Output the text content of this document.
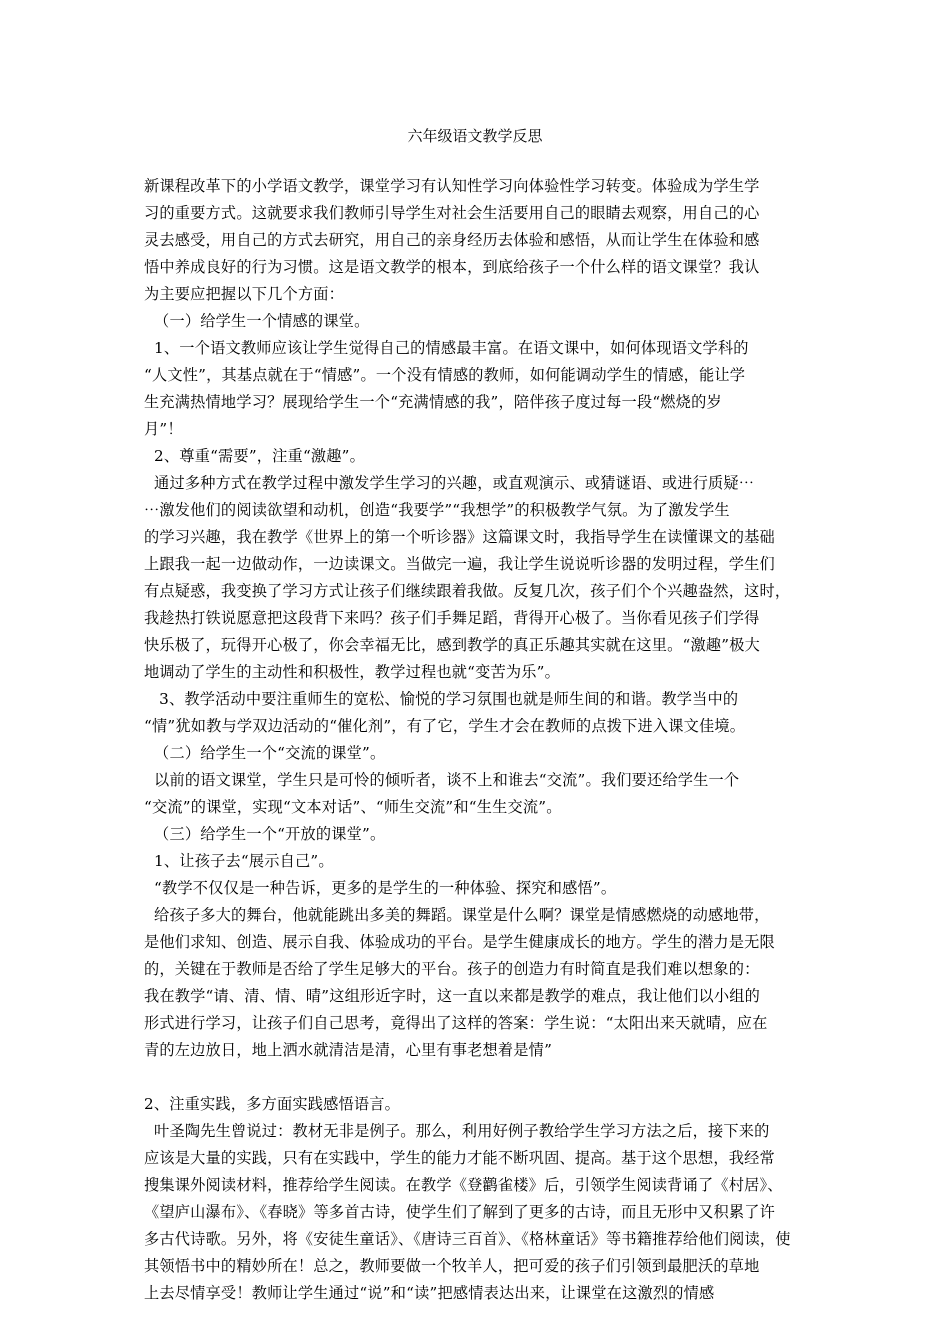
六年级语文教学反思
新课程改革下的小学语文教学，课堂学习有认知性学习向体验性学习转变。体验成为学生学
习的重要方式。这就要求我们教师引导学生对社会生活要用自己的眼睛去观察，用自己的心
灵去感受，用自己的方式去研究，用自己的亲身经历去体验和感悟，从而让学生在体验和感
悟中养成良好的行为习惯。这是语文教学的根本，到底给孩子一个什么样的语文课堂？我认
为主要应把握以下几个方面：
（一）给学生一个情感的课堂。
1、一个语文教师应该让学生觉得自己的情感最丰富。在语文课中，如何体现语文学科的
“人文性”，其基点就在于“情感”。一个没有情感的教师，如何能调动学生的情感，能让学
生充满热情地学习？展现给学生一个“充满情感的我”，陪伴孩子度过每一段“燃烧的岁
月”！
2、尊重“需要”，注重“激趣”。
通过多种方式在教学过程中激发学生学习的兴趣，或直观演示、或猜谜语、或进行质疑⋯
⋯激发他们的阅读欲望和动机，创造“我要学”“我想学”的积极教学气氛。为了激发学生
的学习兴趣，我在教学《世界上的第一个听诊器》这篇课文时，我指导学生在读懂课文的基础
上跟我一起一边做动作，一边读课文。当做完一遍，我让学生说说听诊器的发明过程，学生们
有点疑惑，我变换了学习方式让孩子们继续跟着我做。反复几次，孩子们个个兴趣盎然，这时，
我趁热打铁说愿意把这段背下来吗？孩子们手舞足蹈，背得开心极了。当你看见孩子们学得
快乐极了，玩得开心极了，你会幸福无比，感到教学的真正乐趣其实就在这里。“激趣”极大
地调动了学生的主动性和积极性，教学过程也就“变苦为乐”。
3、教学活动中要注重师生的宽松、愉悦的学习氛围也就是师生间的和谐。教学当中的
“情”犹如教与学双边活动的“催化剂”，有了它，学生才会在教师的点拨下进入课文佳境。
（二）给学生一个“交流的课堂”。
以前的语文课堂，学生只是可怜的倾听者，谈不上和谁去“交流”。我们要还给学生一个
“交流”的课堂，实现“文本对话”、“师生交流”和“生生交流”。
（三）给学生一个“开放的课堂”。
1、让孩子去“展示自己”。
“教学不仅仅是一种告诉，更多的是学生的一种体验、探究和感悟”。
给孩子多大的舞台，他就能跳出多美的舞蹈。课堂是什么啊？课堂是情感燃烧的动感地带，
是他们求知、创造、展示自我、体验成功的平台。是学生健康成长的地方。学生的潜力是无限
的，关键在于教师是否给了学生足够大的平台。孩子的创造力有时简直是我们难以想象的：
我在教学“请、清、情、晴”这组形近字时，这一直以来都是教学的难点，我让他们以小组的
形式进行学习，让孩子们自己思考，竟得出了这样的答案：学生说：“太阳出来天就晴，应在
青的左边放日，地上洒水就清洁是清，心里有事老想着是情”
2、注重实践，多方面实践感悟语言。
叶圣陶先生曾说过：教材无非是例子。那么，利用好例子教给学生学习方法之后，接下来的
应该是大量的实践，只有在实践中，学生的能力才能不断巩固、提高。基于这个思想，我经常
搜集课外阅读材料，推荐给学生阅读。在教学《登鹳雀楼》后，引领学生阅读背诵了《村居》、
《望庐山瀑布》、《春晓》等多首古诗，使学生们了解到了更多的古诗，而且无形中又积累了许
多古代诗歌。另外，将《安徒生童话》、《唐诗三百首》、《格林童话》等书籍推荐给他们阅读，使
其领悟书中的精妙所在！总之，教师要做一个牧羊人，把可爱的孩子们引领到最肥沃的草地
上去尽情享受！教师让学生通过“说”和“读”把感情表达出来，让课堂在这激烈的情感
